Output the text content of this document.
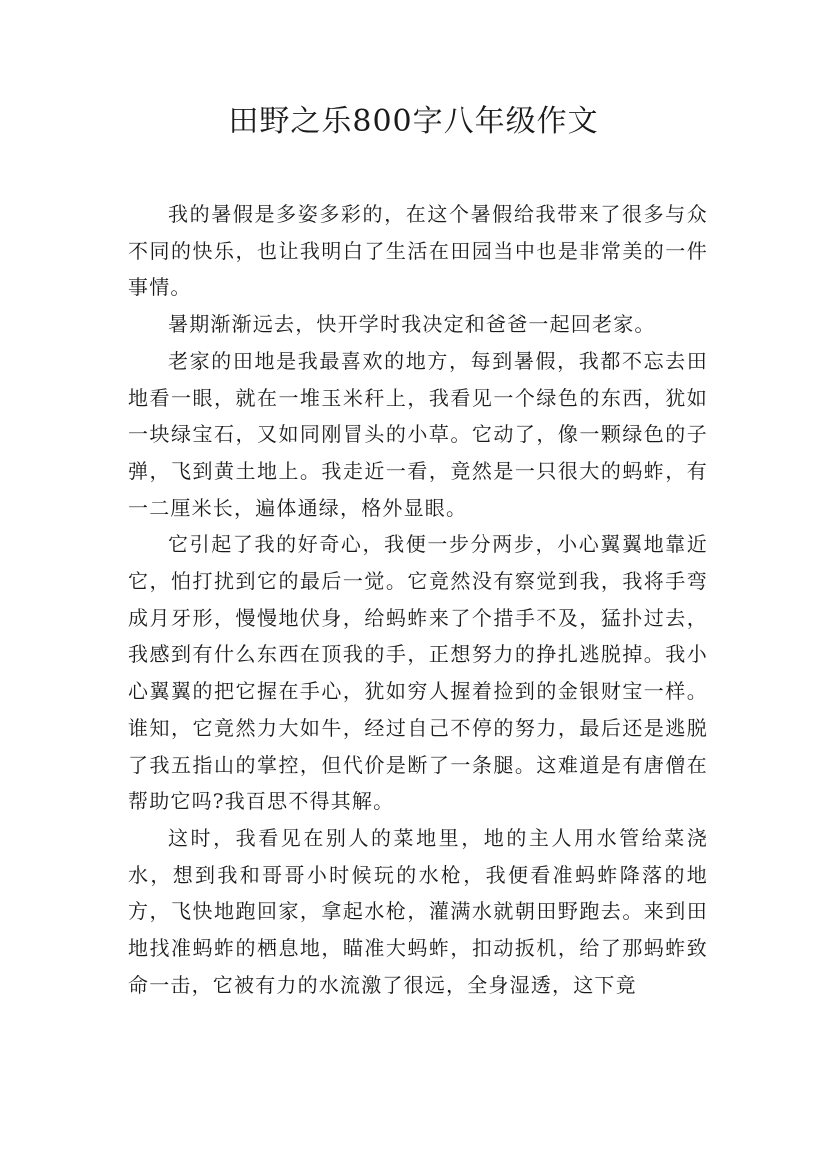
田野之乐800字八年级作文

我的暑假是多姿多彩的，在这个暑假给我带来了很多与众不同的快乐，也让我明白了生活在田园当中也是非常美的一件事情。

暑期渐渐远去，快开学时我决定和爸爸一起回老家。

老家的田地是我最喜欢的地方，每到暑假，我都不忘去田地看一眼，就在一堆玉米秆上，我看见一个绿色的东西，犹如一块绿宝石，又如同刚冒头的小草。它动了，像一颗绿色的子弹，飞到黄土地上。我走近一看，竟然是一只很大的蚂蚱，有一二厘米长，遍体通绿，格外显眼。

它引起了我的好奇心，我便一步分两步，小心翼翼地靠近它，怕打扰到它的最后一觉。它竟然没有察觉到我，我将手弯成月牙形，慢慢地伏身，给蚂蚱来了个措手不及，猛扑过去，我感到有什么东西在顶我的手，正想努力的挣扎逃脱掉。我小心翼翼的把它握在手心，犹如穷人握着捡到的金银财宝一样。谁知，它竟然力大如牛，经过自己不停的努力，最后还是逃脱了我五指山的掌控，但代价是断了一条腿。这难道是有唐僧在帮助它吗?我百思不得其解。

这时，我看见在别人的菜地里，地的主人用水管给菜浇水，想到我和哥哥小时候玩的水枪，我便看准蚂蚱降落的地方，飞快地跑回家，拿起水枪，灌满水就朝田野跑去。来到田地找准蚂蚱的栖息地，瞄准大蚂蚱，扣动扳机，给了那蚂蚱致命一击，它被有力的水流激了很远，全身湿透，这下竟
